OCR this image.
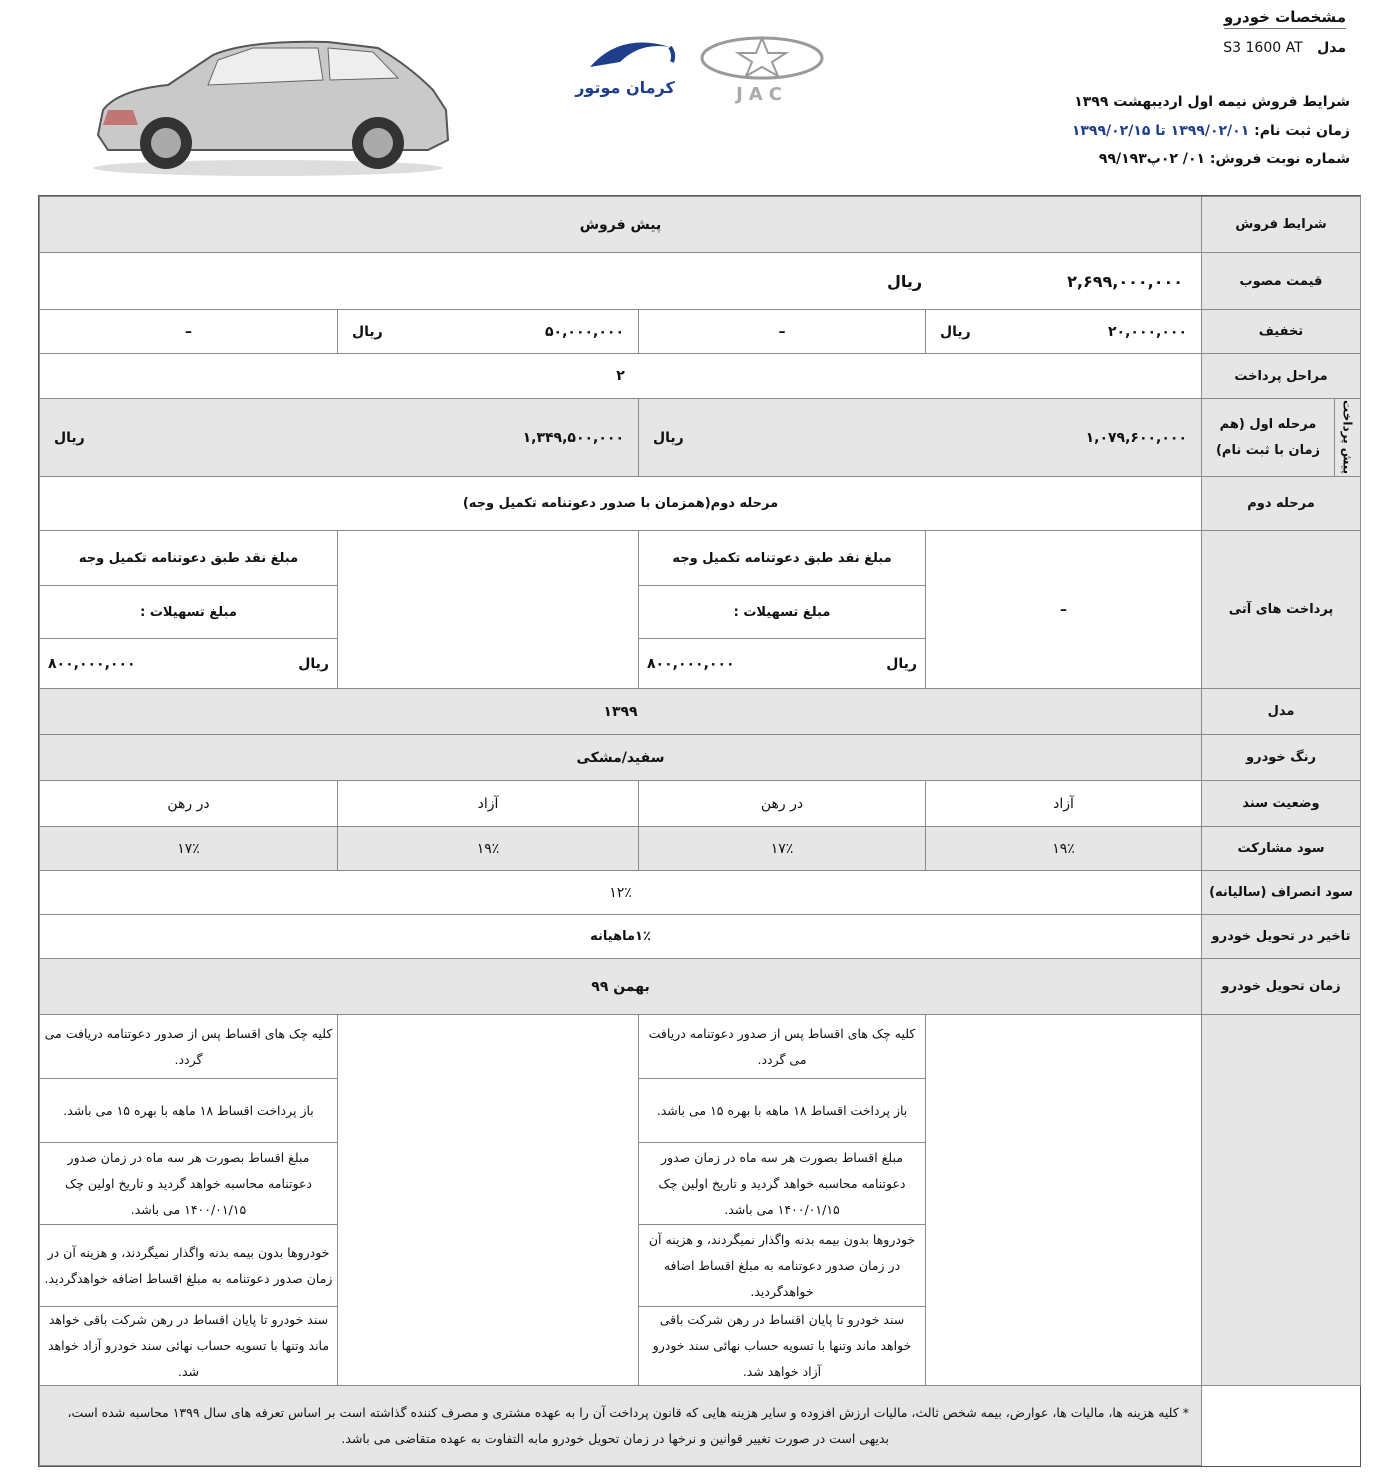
کرمان موتور	JAC
مشخصات خودرو
مدل S3 1600 AT
شرایط فروش نیمه اول اردیبهشت ۱۳۹۹
زمان ثبت نام: ۱۳۹۹/۰۲/۰۱ تا ۱۳۹۹/۰۲/۱۵
شماره نوبت فروش: ۰۱/ ۰۲پ۹۹/۱۹۳
شرایط فروش
پیش فروش
قیمت مصوب
۲,۶۹۹,۰۰۰,۰۰۰
ریال
تخفیف
۲۰,۰۰۰,۰۰۰
ریال
–
۵۰,۰۰۰,۰۰۰
ریال
–
مراحل پرداخت
۲
پیش پرداخت
مرحله اول (هم زمان با ثبت نام)
۱,۰۷۹,۶۰۰,۰۰۰
ریال
۱,۳۴۹,۵۰۰,۰۰۰
ریال
مرحله دوم
مرحله دوم(همزمان با صدور دعوتنامه تکمیل وجه)
پرداخت های آتی
–
مبلغ نقد طبق دعوتنامه تکمیل وجه
مبلغ تسهیلات :
ریال
۸۰۰,۰۰۰,۰۰۰
مبلغ نقد طبق دعوتنامه تکمیل وجه
مبلغ تسهیلات :
ریال
۸۰۰,۰۰۰,۰۰۰
مدل
۱۳۹۹
رنگ خودرو
سفید/مشکی
وضعیت سند
آزاد
در رهن
آزاد
در رهن
سود مشارکت
۱۹٪
۱۷٪
۱۹٪
۱۷٪
سود انصراف (سالیانه)
۱۲٪
تاخیر در تحویل خودرو
۱٪ماهیانه
زمان تحویل خودرو
بهمن ۹۹
کلیه چک های اقساط پس از صدور دعوتنامه دریافت می گردد.
باز پرداخت اقساط ۱۸ ماهه با بهره ۱۵ می باشد.
مبلغ اقساط بصورت هر سه ماه در زمان صدور دعوتنامه محاسبه خواهد گردید و تاریخ اولین چک ۱۴۰۰/۰۱/۱۵ می باشد.
خودروها بدون بیمه بدنه واگذار نمیگردند، و هزینه آن در زمان صدور دعوتنامه به مبلغ اقساط اضافه خواهدگردید.
سند خودرو تا پایان اقساط در رهن شرکت باقی خواهد ماند وتنها با تسویه حساب نهائی سند خودرو آزاد خواهد شد.
کلیه چک های اقساط پس از صدور دعوتنامه دریافت می گردد.
باز پرداخت اقساط ۱۸ ماهه با بهره ۱۵ می باشد.
مبلغ اقساط بصورت هر سه ماه در زمان صدور دعوتنامه محاسبه خواهد گردید و تاریخ اولین چک ۱۴۰۰/۰۱/۱۵ می باشد.
خودروها بدون بیمه بدنه واگذار نمیگردند، و هزینه آن در زمان صدور دعوتنامه به مبلغ اقساط اضافه خواهدگردید.
سند خودرو تا پایان اقساط در رهن شرکت باقی خواهد ماند وتنها با تسویه حساب نهائی سند خودرو آزاد خواهد شد.
* کلیه هزینه ها، مالیات ها، عوارض، بیمه شخص ثالث، مالیات ارزش افزوده و سایر هزینه هایی که قانون پرداخت آن را به عهده مشتری و مصرف کننده گذاشته است بر اساس تعرفه های سال ۱۳۹۹ محاسبه شده است،
بدیهی است در صورت تغییر قوانین و نرخها در زمان تحویل خودرو مابه التفاوت به عهده متقاضی می باشد.
